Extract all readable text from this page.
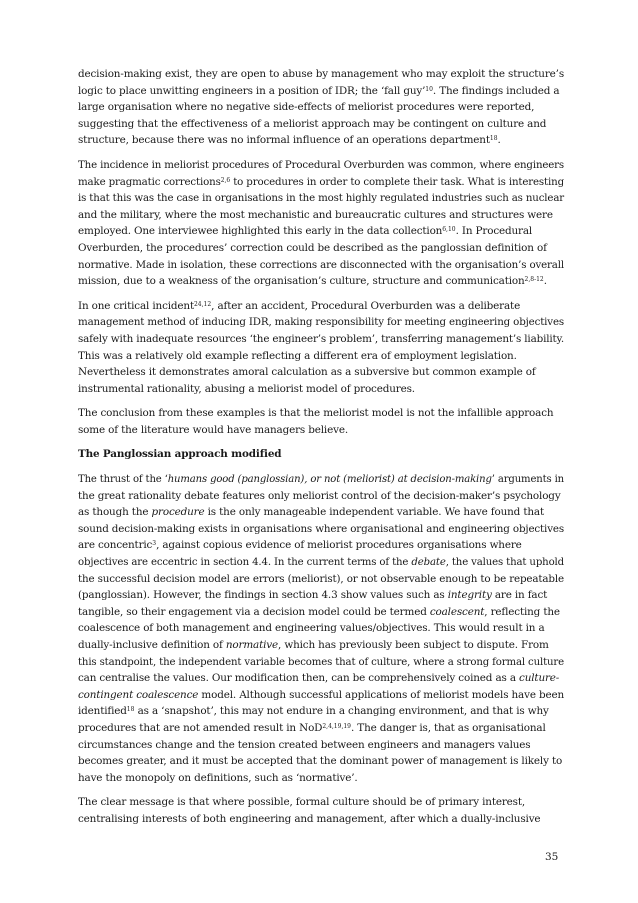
decision-making exist, they are open to abuse by management who may exploit the structure’s
logic to place unwitting engineers in a position of IDR; the ‘fall guy’$^{10}$. The findings included a
large organisation where no negative side-effects of meliorist procedures were reported,
suggesting that the effectiveness of a meliorist approach may be contingent on culture and
structure, because there was no informal influence of an operations department$^{18}$.

The incidence in meliorist procedures of Procedural Overburden was common, where engineers
make pragmatic corrections$^{2,6}$ to procedures in order to complete their task. What is interesting
is that this was the case in organisations in the most highly regulated industries such as nuclear
and the military, where the most mechanistic and bureaucratic cultures and structures were
employed. One interviewee highlighted this early in the data collection$^{6,10}$. In Procedural
Overburden, the procedures’ correction could be described as the panglossian definition of
normative. Made in isolation, these corrections are disconnected with the organisation’s overall
mission, due to a weakness of the organisation’s culture, structure and communication$^{2,8-12}$.

In one critical incident$^{24,12}$, after an accident, Procedural Overburden was a deliberate
management method of inducing IDR, making responsibility for meeting engineering objectives
safely with inadequate resources ‘the engineer’s problem’, transferring management’s liability.
This was a relatively old example reflecting a different era of employment legislation.
Nevertheless it demonstrates amoral calculation as a subversive but common example of
instrumental rationality, abusing a meliorist model of procedures.

The conclusion from these examples is that the meliorist model is not the infallible approach
some of the literature would have managers believe.

The Panglossian approach modified

The thrust of the ‘humans good (panglossian), or not (meliorist) at decision-making’ arguments in
the great rationality debate features only meliorist control of the decision-maker’s psychology
as though the procedure is the only manageable independent variable. We have found that
sound decision-making exists in organisations where organisational and engineering objectives
are concentric$^3$, against copious evidence of meliorist procedures organisations where
objectives are eccentric in section 4.4. In the current terms of the debate, the values that uphold
the successful decision model are errors (meliorist), or not observable enough to be repeatable
(panglossian). However, the findings in section 4.3 show values such as integrity are in fact
tangible, so their engagement via a decision model could be termed coalescent, reflecting the
coalescence of both management and engineering values/objectives. This would result in a
dually-inclusive definition of normative, which has previously been subject to dispute. From
this standpoint, the independent variable becomes that of culture, where a strong formal culture
can centralise the values. Our modification then, can be comprehensively coined as a culture-
contingent coalescence model. Although successful applications of meliorist models have been
identified$^{18}$ as a ‘snapshot’, this may not endure in a changing environment, and that is why
procedures that are not amended result in NoD$^{2,4,19,19}$. The danger is, that as organisational
circumstances change and the tension created between engineers and managers values
becomes greater, and it must be accepted that the dominant power of management is likely to
have the monopoly on definitions, such as ‘normative’.

The clear message is that where possible, formal culture should be of primary interest,
centralising interests of both engineering and management, after which a dually-inclusive

35
